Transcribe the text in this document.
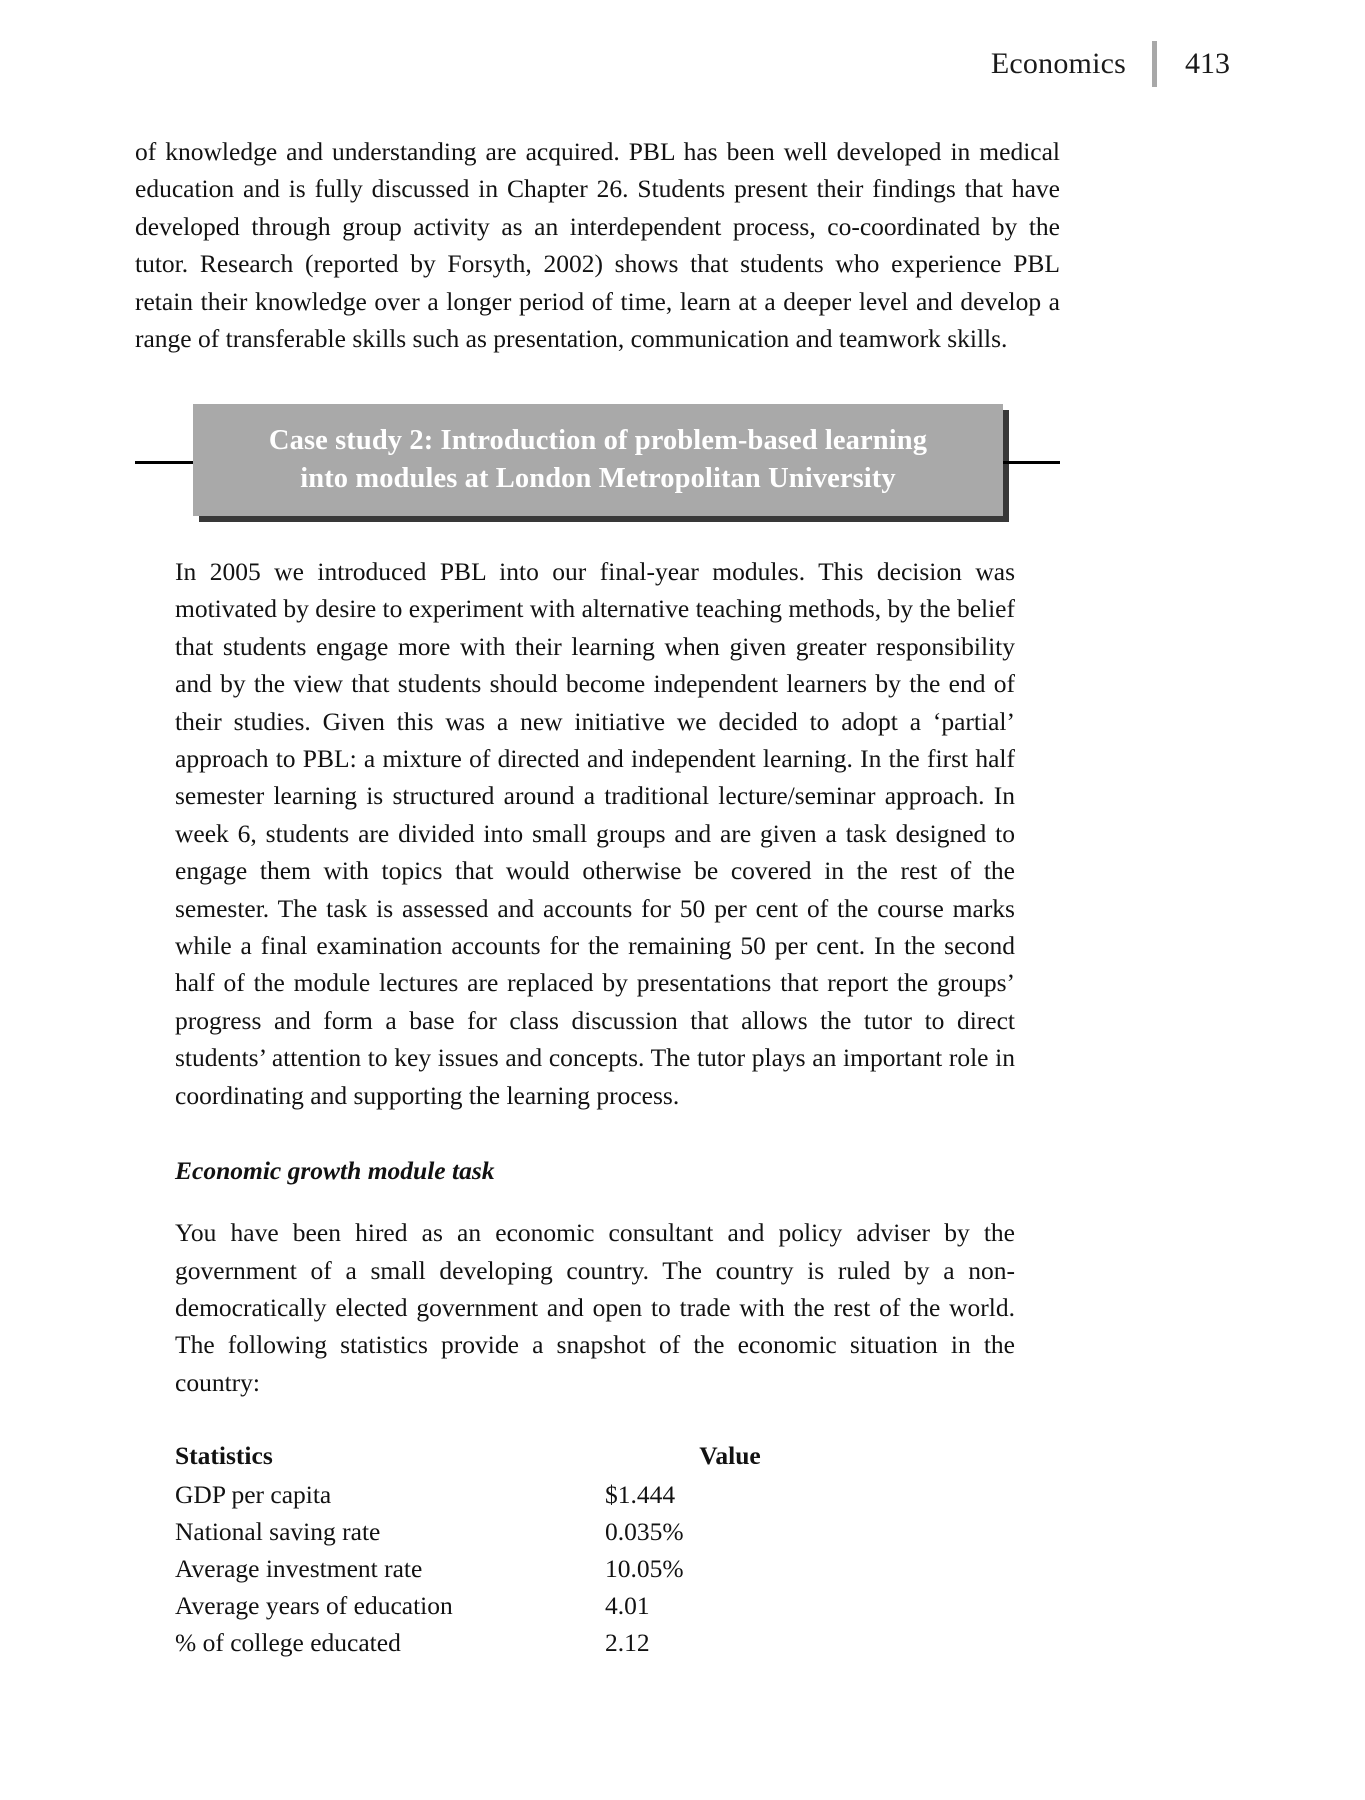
Economics	413

of knowledge and understanding are acquired. PBL has been well developed in medical education and is fully discussed in Chapter 26. Students present their findings that have developed through group activity as an interdependent process, co-coordinated by the tutor. Research (reported by Forsyth, 2002) shows that students who experience PBL retain their knowledge over a longer period of time, learn at a deeper level and develop a range of transferable skills such as presentation, communication and teamwork skills.

Case study 2: Introduction of problem-based learning
into modules at London Metropolitan University

In 2005 we introduced PBL into our final-year modules. This decision was motivated by desire to experiment with alternative teaching methods, by the belief that students engage more with their learning when given greater responsibility and by the view that students should become independent learners by the end of their studies. Given this was a new initiative we decided to adopt a ‘partial’ approach to PBL: a mixture of directed and independent learning. In the first half semester learning is structured around a traditional lecture/seminar approach. In week 6, students are divided into small groups and are given a task designed to engage them with topics that would otherwise be covered in the rest of the semester. The task is assessed and accounts for 50 per cent of the course marks while a final examination accounts for the remaining 50 per cent. In the second half of the module lectures are replaced by presentations that report the groups’ progress and form a base for class discussion that allows the tutor to direct students’ attention to key issues and concepts. The tutor plays an important role in coordinating and supporting the learning process.

Economic growth module task

You have been hired as an economic consultant and policy adviser by the government of a small developing country. The country is ruled by a non-democratically elected government and open to trade with the rest of the world. The following statistics provide a snapshot of the economic situation in the country:

Statistics	Value
GDP per capita	$1.444
National saving rate	0.035%
Average investment rate	10.05%
Average years of education	4.01
% of college educated	2.12
